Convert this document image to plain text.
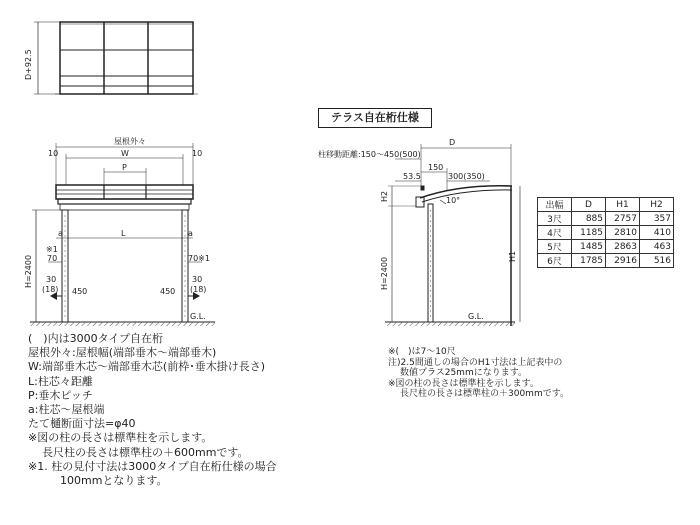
D+92.5
屋根外々
10	10
W
P
L
a	a
H=2400
※1
70	70※1
30
(18)
30
(18)
450	450
G.L.
テラス自在桁仕様
D
柱移動距離:150～450(500)
150
53.5	300(350)
H2	10°
H=2400
H1
G.L.
出幅	D	H1	H2
3尺	885	2757	357
4尺	1185	2810	410
5尺	1485	2863	463
6尺	1785	2916	516
(　)内は3000タイプ自在桁
屋根外々:屋根幅(端部垂木～端部垂木)
W:端部垂木芯～端部垂木芯(前枠･垂木掛け長さ)
L:柱芯々距離
P:垂木ピッチ
a:柱芯～屋根端
たて樋断面寸法=φ40
※図の柱の長さは標準柱を示します。
長尺柱の長さは標準柱の＋600mmです。
※1. 柱の見付寸法は3000タイプ自在桁仕様の場合
100mmとなります。
※(　)は7～10尺
注)2.5間通しの場合のH1寸法は上記表中の
数値プラス25mmになります。
※図の柱の長さは標準柱を示します。
長尺柱の長さは標準柱の＋300mmです。
